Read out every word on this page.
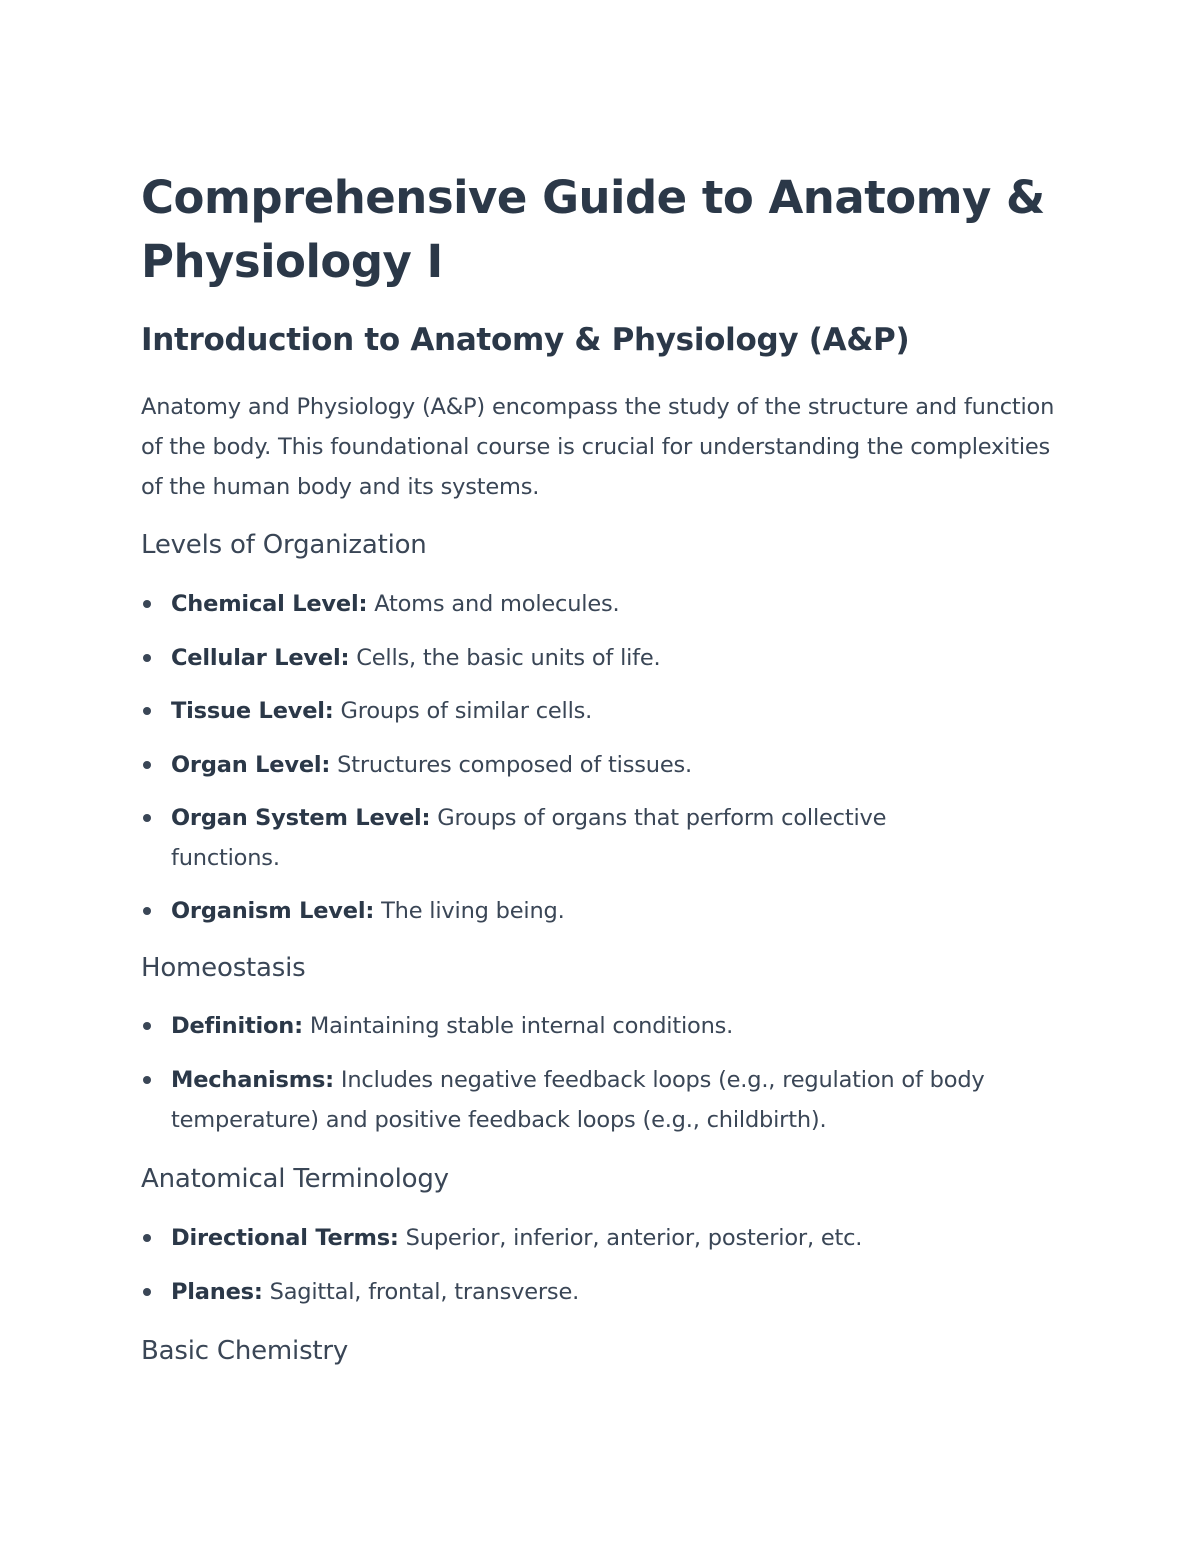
Comprehensive Guide to Anatomy &
Physiology I
Introduction to Anatomy & Physiology (A&P)

Anatomy and Physiology (A&P) encompass the study of the structure and function of the body. This foundational course is crucial for understanding the complexities of the human body and its systems.

Levels of Organization
Chemical Level: Atoms and molecules.
Cellular Level: Cells, the basic units of life.
Tissue Level: Groups of similar cells.
Organ Level: Structures composed of tissues.
Organ System Level: Groups of organs that perform collective functions.
Organism Level: The living being.
Homeostasis
Definition: Maintaining stable internal conditions.
Mechanisms: Includes negative feedback loops (e.g., regulation of body temperature) and positive feedback loops (e.g., childbirth).
Anatomical Terminology
Directional Terms: Superior, inferior, anterior, posterior, etc.
Planes: Sagittal, frontal, transverse.
Basic Chemistry
